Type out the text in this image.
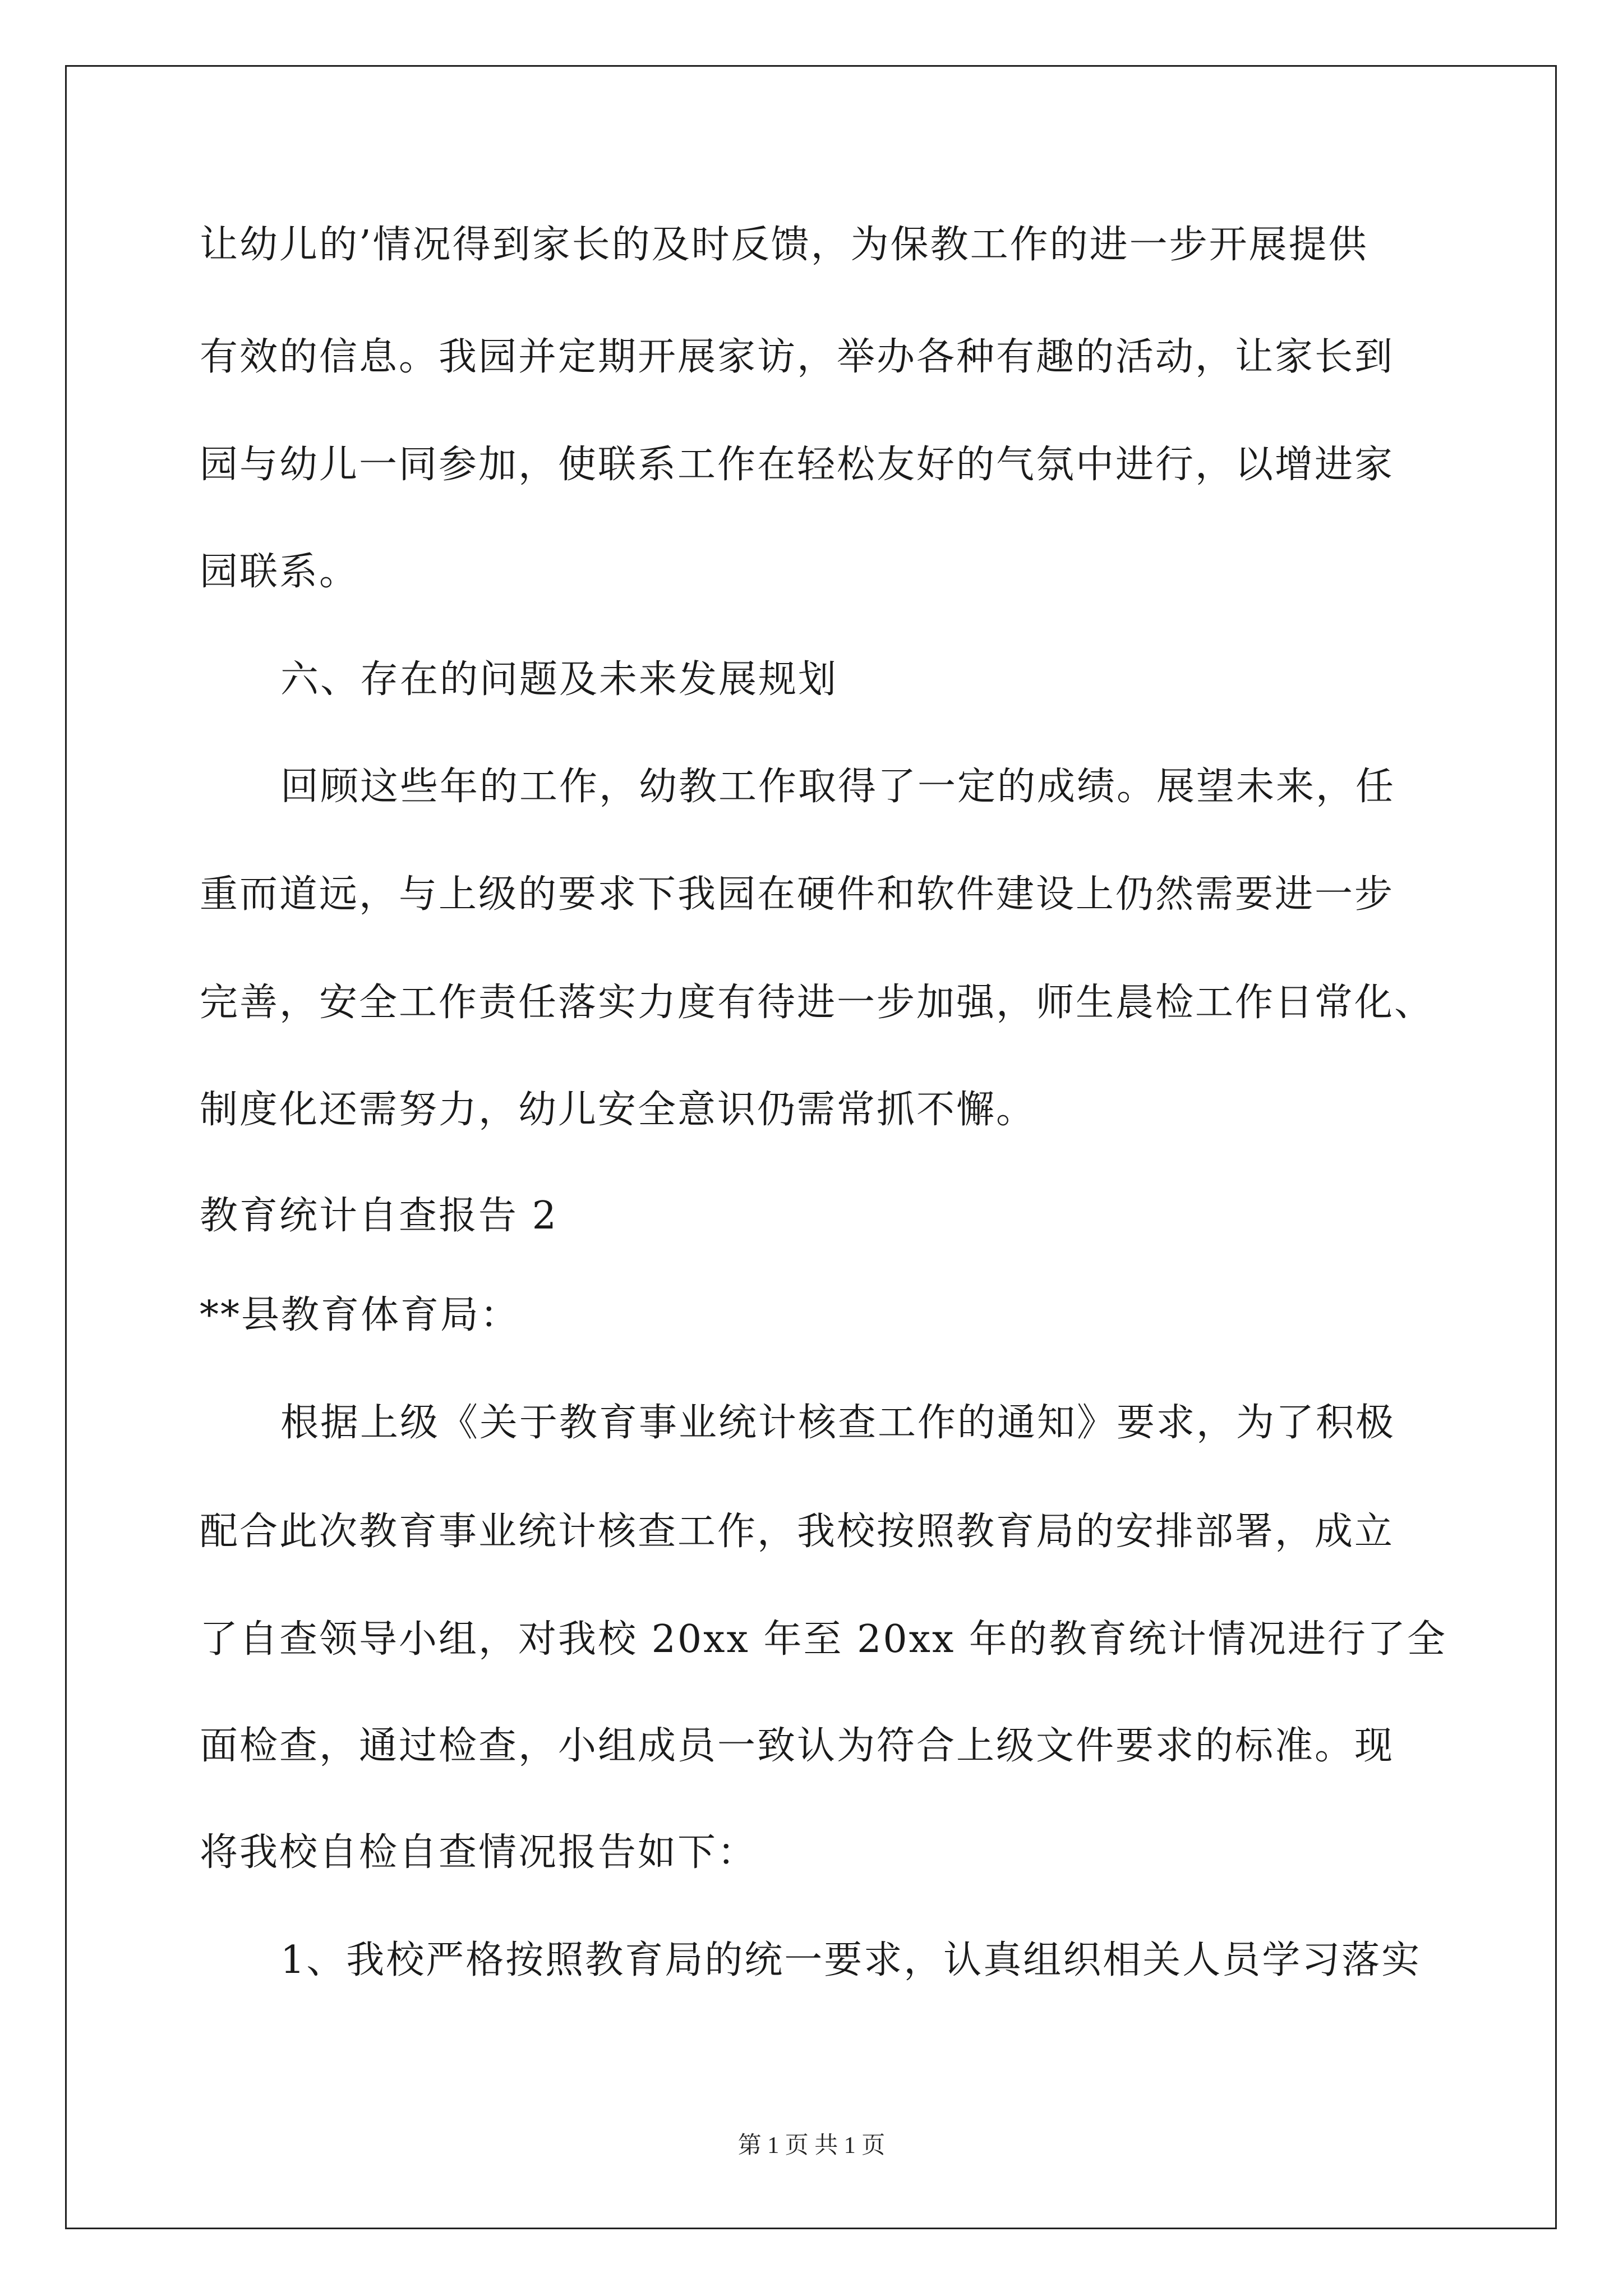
让幼儿的’情况得到家长的及时反馈，为保教工作的进一步开展提供
有效的信息。我园并定期开展家访，举办各种有趣的活动，让家长到
园与幼儿一同参加，使联系工作在轻松友好的气氛中进行，以增进家
园联系。
六、存在的问题及未来发展规划
回顾这些年的工作，幼教工作取得了一定的成绩。展望未来，任
重而道远，与上级的要求下我园在硬件和软件建设上仍然需要进一步
完善，安全工作责任落实力度有待进一步加强，师生晨检工作日常化、
制度化还需努力，幼儿安全意识仍需常抓不懈。
教育统计自查报告 2
**县教育体育局：
根据上级《关于教育事业统计核查工作的通知》要求，为了积极
配合此次教育事业统计核查工作，我校按照教育局的安排部署，成立
了自查领导小组，对我校 20xx 年至 20xx 年的教育统计情况进行了全
面检查，通过检查，小组成员一致认为符合上级文件要求的标准。现
将我校自检自查情况报告如下：
1、我校严格按照教育局的统一要求，认真组织相关人员学习落实
第 1 页 共 1 页
